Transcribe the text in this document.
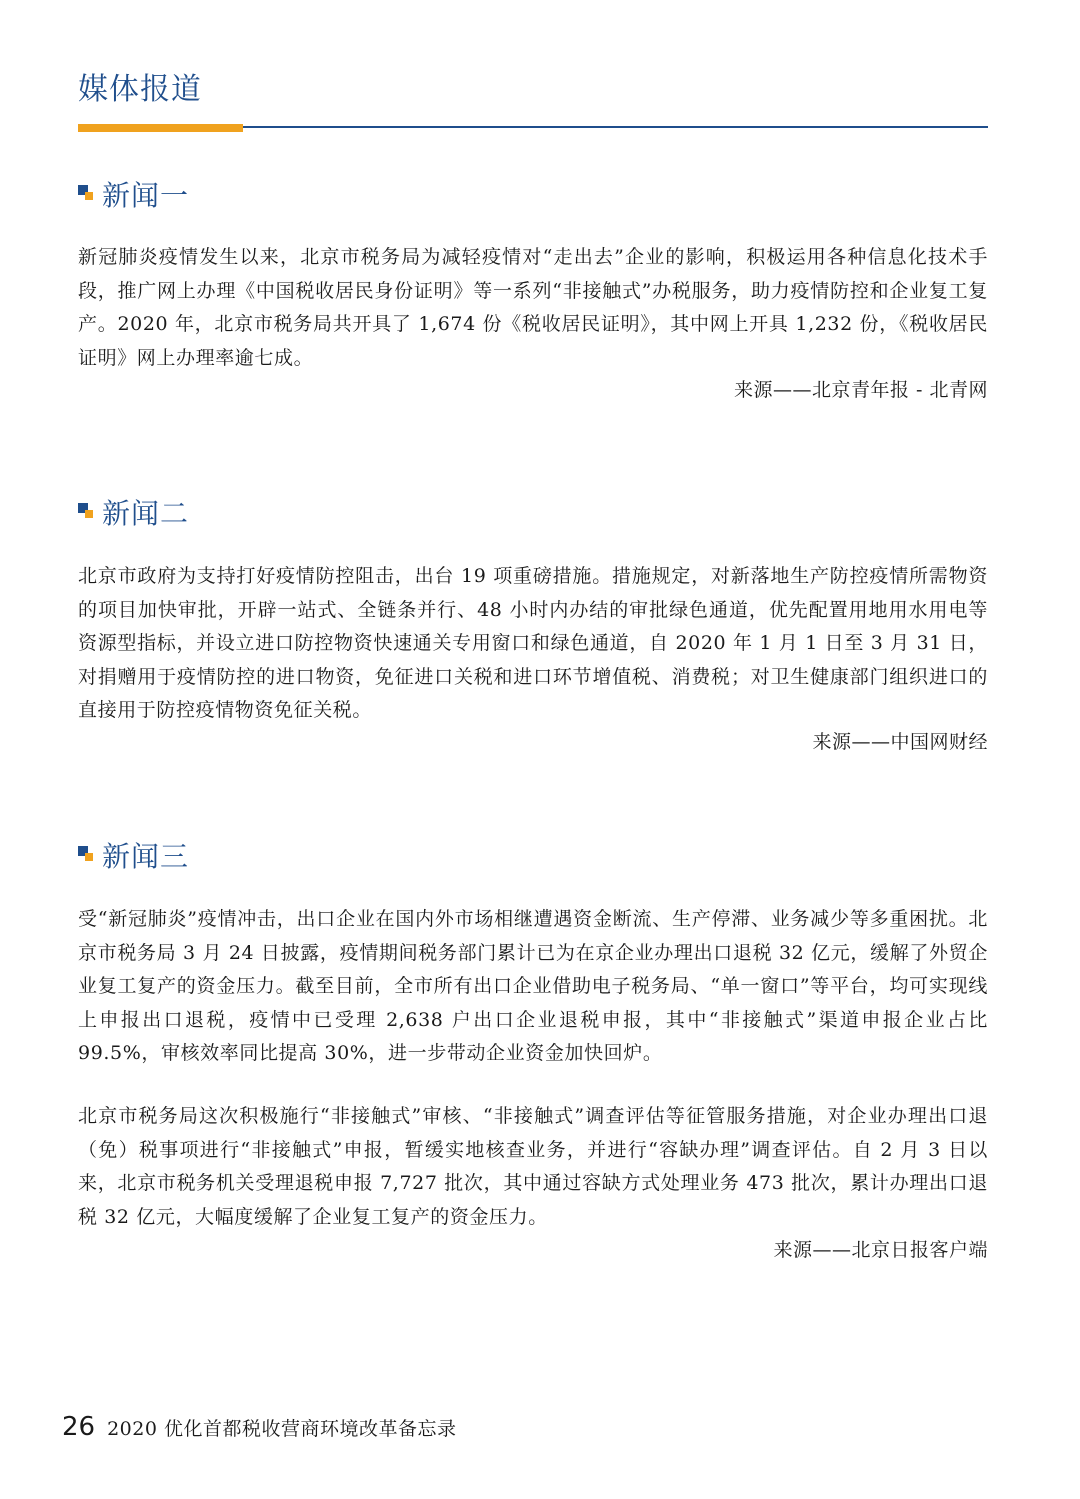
媒体报道
新闻一

新冠肺炎疫情发生以来，北京市税务局为减轻疫情对“走出去”企业的影响，积极运用各种信息化技术手段，推广网上办理《中国税收居民身份证明》等一系列“非接触式”办税服务，助力疫情防控和企业复工复产。2020 年，北京市税务局共开具了 1,674 份《税收居民证明》，其中网上开具 1,232 份，《税收居民证明》网上办理率逾七成。

来源——北京青年报 - 北青网

新闻二

北京市政府为支持打好疫情防控阻击，出台 19 项重磅措施。措施规定，对新落地生产防控疫情所需物资的项目加快审批，开辟一站式、全链条并行、48 小时内办结的审批绿色通道，优先配置用地用水用电等资源型指标，并设立进口防控物资快速通关专用窗口和绿色通道，自 2020 年 1 月 1 日至 3 月 31 日，对捐赠用于疫情防控的进口物资，免征进口关税和进口环节增值税、消费税；对卫生健康部门组织进口的直接用于防控疫情物资免征关税。

来源——中国网财经

新闻三

受“新冠肺炎”疫情冲击，出口企业在国内外市场相继遭遇资金断流、生产停滞、业务减少等多重困扰。北京市税务局 3 月 24 日披露，疫情期间税务部门累计已为在京企业办理出口退税 32 亿元，缓解了外贸企业复工复产的资金压力。截至目前，全市所有出口企业借助电子税务局、“单一窗口”等平台，均可实现线上申报出口退税，疫情中已受理 2,638 户出口企业退税申报，其中“非接触式”渠道申报企业占比 99.5%，审核效率同比提高 30%，进一步带动企业资金加快回炉。

北京市税务局这次积极施行“非接触式”审核、“非接触式”调查评估等征管服务措施，对企业办理出口退（免）税事项进行“非接触式”申报，暂缓实地核查业务，并进行“容缺办理”调查评估。自 2 月 3 日以来，北京市税务机关受理退税申报 7,727 批次，其中通过容缺方式处理业务 473 批次，累计办理出口退税 32 亿元，大幅度缓解了企业复工复产的资金压力。

来源——北京日报客户端

26 2020 优化首都税收营商环境改革备忘录
